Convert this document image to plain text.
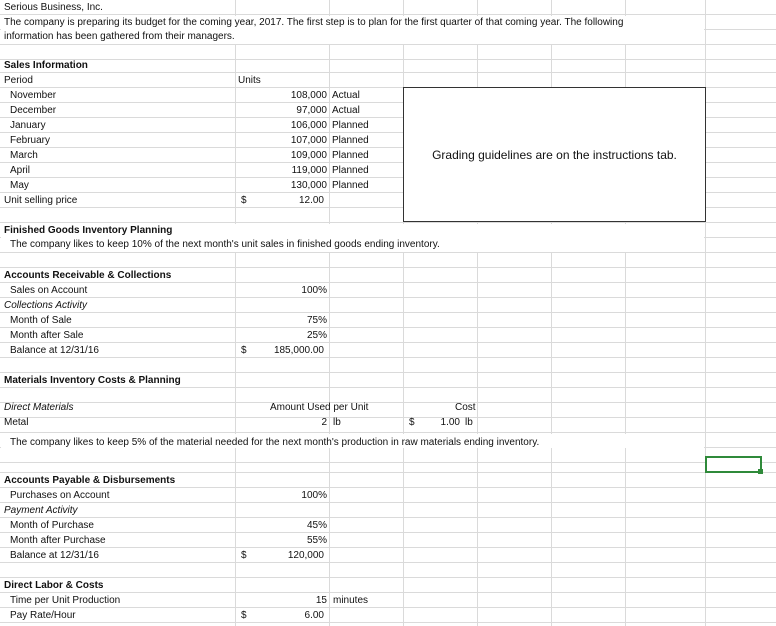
Serious Business, Inc.
The company is preparing its budget for the coming year, 2017. The first step is to plan for the first quarter of that coming year. The following
information has been gathered from their managers.
Sales Information
Period	Units
November	108,000 Actual
December	97,000 Actual
January	106,000 Planned
February	107,000 Planned
March	109,000 Planned
April	119,000 Planned
May	130,000 Planned
Unit selling price	$	12.00
Grading guidelines are on the instructions tab.
Finished Goods Inventory Planning
The company likes to keep 10% of the next month's unit sales in finished goods ending inventory.
Accounts Receivable & Collections
Sales on Account	100%
Collections Activity
Month of Sale	75%
Month after Sale	25%
Balance at 12/31/16	$	185,000.00
Materials Inventory Costs & Planning
Direct Materials	Amount Used per Unit	Cost
Metal	2 lb	$	1.00 lb
The company likes to keep 5% of the material needed for the next month's production in raw materials ending inventory.
Accounts Payable & Disbursements
Purchases on Account	100%
Payment Activity
Month of Purchase	45%
Month after Purchase	55%
Balance at 12/31/16	$	120,000
Direct Labor & Costs
Time per Unit Production	15 minutes
Pay Rate/Hour	$	6.00
